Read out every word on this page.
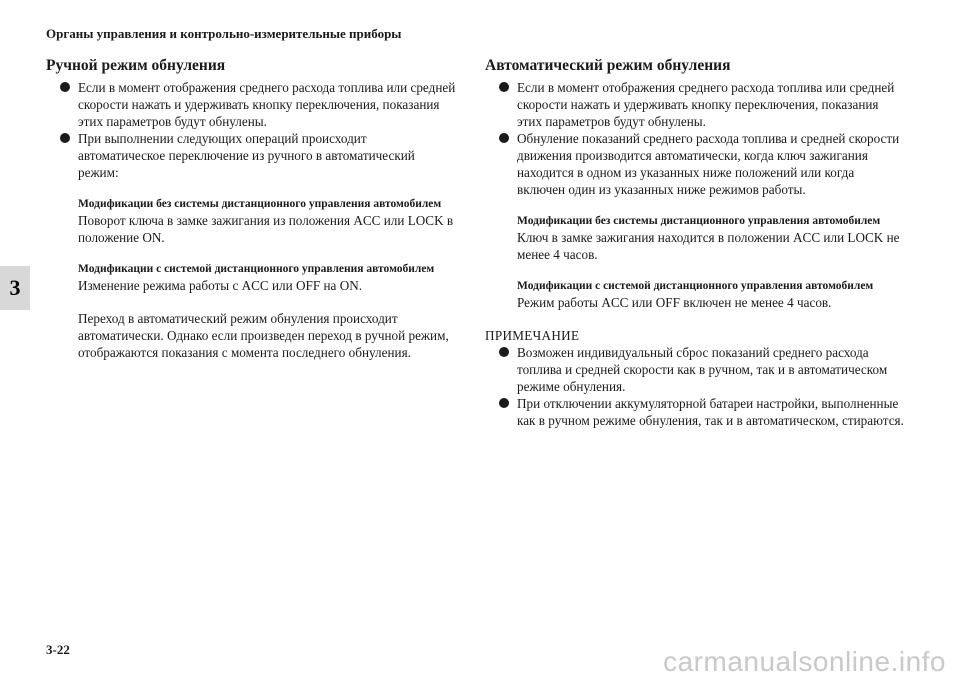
Органы управления и контрольно-измерительные приборы
3
Ручной режим обнуления
Если в момент отображения среднего расхода топлива или средней скорости нажать и удерживать кнопку переключения, показания этих параметров будут обнулены.
При выполнении следующих операций происходит автоматическое переключение из ручного в автоматический режим:
Модификации без системы дистанционного управления автомобилем
Поворот ключа в замке зажигания из положения ACC или LOCK в положение ON.
Модификации с системой дистанционного управления автомобилем
Изменение режима работы с ACC или OFF на ON.
Переход в автоматический режим обнуления происходит автоматически. Однако если произведен переход в ручной режим, отображаются показания с момента последнего обнуления.
Автоматический режим обнуления
Если в момент отображения среднего расхода топлива или средней скорости нажать и удерживать кнопку переключения, показания этих параметров будут обнулены.
Обнуление показаний среднего расхода топлива и средней скорости движения производится автоматически, когда ключ зажигания находится в одном из указанных ниже положений или когда включен один из указанных ниже режимов работы.
Модификации без системы дистанционного управления автомобилем
Ключ в замке зажигания находится в положении ACC или LOCK не менее 4 часов.
Модификации с системой дистанционного управления автомобилем
Режим работы ACC или OFF включен не менее 4 часов.
ПРИМЕЧАНИЕ
Возможен индивидуальный сброс показаний среднего расхода топлива и средней скорости как в ручном, так и в автоматическом режиме обнуления.
При отключении аккумуляторной батареи настройки, выполненные как в ручном режиме обнуления, так и в автоматическом, стираются.
3-22	carmanualsonline.info
